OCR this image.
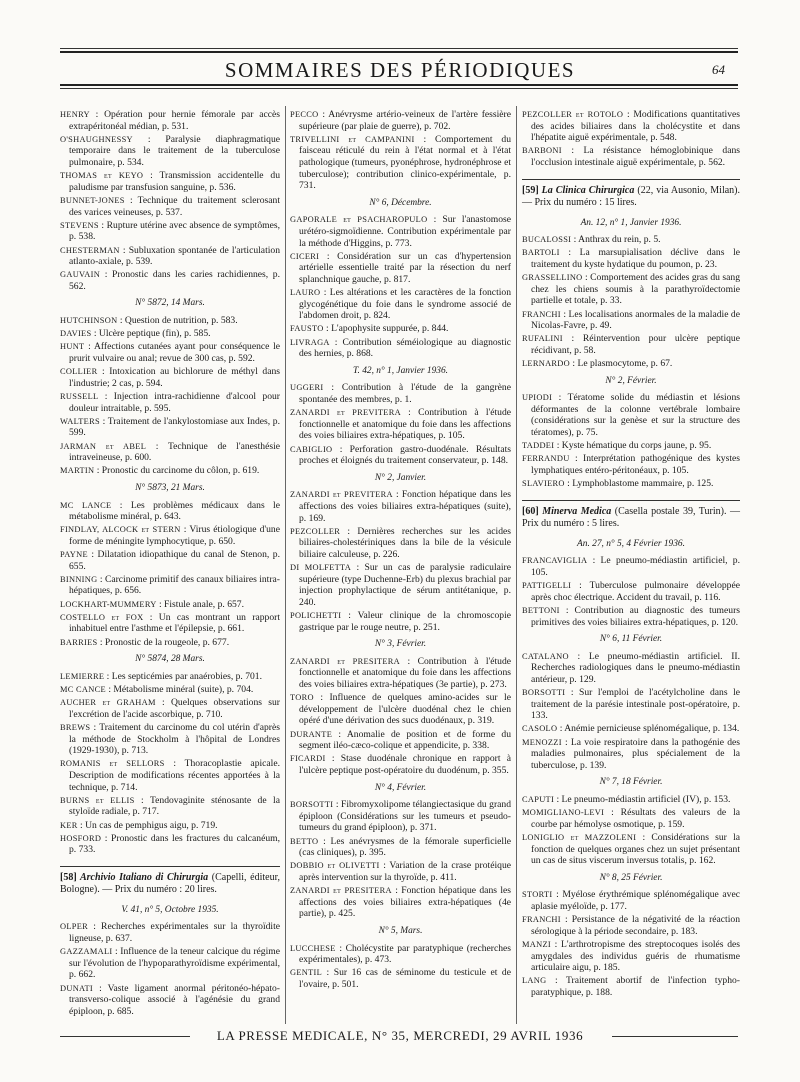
SOMMAIRES DES PÉRIODIQUES	64

HENRY : Opération pour hernie fémorale par accès extrapéritonéal médian, p. 531.

O'SHAUGHNESSY : Paralysie diaphragmatique temporaire dans le traitement de la tuberculose pulmonaire, p. 534.

THOMAS et KEYO : Transmission accidentelle du paludisme par transfusion sanguine, p. 536.

BUNNET-JONES : Technique du traitement sclerosant des varices veineuses, p. 537.

STEVENS : Rupture utérine avec absence de symptômes, p. 538.

CHESTERMAN : Subluxation spontanée de l'articulation atlanto-axiale, p. 539.

GAUVAIN : Pronostic dans les caries rachidiennes, p. 562.

N° 5872, 14 Mars.

HUTCHINSON : Question de nutrition, p. 583.

DAVIES : Ulcère peptique (fin), p. 585.

HUNT : Affections cutanées ayant pour conséquence le prurit vulvaire ou anal; revue de 300 cas, p. 592.

COLLIER : Intoxication au bichlorure de méthyl dans l'industrie; 2 cas, p. 594.

RUSSELL : Injection intra-rachidienne d'alcool pour douleur intraitable, p. 595.

WALTERS : Traitement de l'ankylostomiase aux Indes, p. 599.

JARMAN et ABEL : Technique de l'anesthésie intraveineuse, p. 600.

MARTIN : Pronostic du carcinome du côlon, p. 619.

N° 5873, 21 Mars.

MC LANCE : Les problèmes médicaux dans le métabolisme minéral, p. 643.

FINDLAY, ALCOCK et STERN : Virus étiologique d'une forme de méningite lymphocytique, p. 650.

PAYNE : Dilatation idiopathique du canal de Stenon, p. 655.

BINNING : Carcinome primitif des canaux biliaires intra-hépatiques, p. 656.

LOCKHART-MUMMERY : Fistule anale, p. 657.

COSTELLO et FOX : Un cas montrant un rapport inhabituel entre l'asthme et l'épilepsie, p. 661.

BARRIES : Pronostic de la rougeole, p. 677.

N° 5874, 28 Mars.

LEMIERRE : Les septicémies par anaérobies, p. 701.

MC CANCE : Métabolisme minéral (suite), p. 704.

AUCHER et GRAHAM : Quelques observations sur l'excrétion de l'acide ascorbique, p. 710.

BREWS : Traitement du carcinome du col utérin d'après la méthode de Stockholm à l'hôpital de Londres (1929-1930), p. 713.

ROMANIS et SELLORS : Thoracoplastie apicale. Description de modifications récentes apportées à la technique, p. 714.

BURNS et ELLIS : Tendovaginite sténosante de la styloïde radiale, p. 717.

KER : Un cas de pemphigus aigu, p. 719.

HOSFORD : Pronostic dans les fractures du calcanéum, p. 733.

[58] Archivio Italiano di Chirurgia (Capelli, éditeur, Bologne). — Prix du numéro : 20 lires.
V. 41, n° 5, Octobre 1935.

OLPER : Recherches expérimentales sur la thyroïdite ligneuse, p. 637.

GAZZAMALI : Influence de la teneur calcique du régime sur l'évolution de l'hypoparathyroïdisme expérimental, p. 662.

DUNATI : Vaste ligament anormal péritonéo-hépato-transverso-colique associé à l'agénésie du grand épiploon, p. 685.

PECCO : Anévrysme artério-veineux de l'artère fessière supérieure (par plaie de guerre), p. 702.

TRIVELLINI et CAMPANINI : Comportement du faisceau réticulé du rein à l'état normal et à l'état pathologique (tumeurs, pyonéphrose, hydronéphrose et tuberculose); contribution clinico-expérimentale, p. 731.

N° 6, Décembre.

GAPORALE et PSACHAROPULO : Sur l'anastomose urétéro-sigmoïdienne. Contribution expérimentale par la méthode d'Higgins, p. 773.

CICERI : Considération sur un cas d'hypertension artérielle essentielle traité par la résection du nerf splanchnique gauche, p. 817.

LAURO : Les altérations et les caractères de la fonction glycogénétique du foie dans le syndrome associé de l'abdomen droit, p. 824.

FAUSTO : L'apophysite suppurée, p. 844.

LIVRAGA : Contribution séméiologique au diagnostic des hernies, p. 868.

T. 42, n° 1, Janvier 1936.

UGGERI : Contribution à l'étude de la gangrène spontanée des membres, p. 1.

ZANARDI et PREVITERA : Contribution à l'étude fonctionnelle et anatomique du foie dans les affections des voies biliaires extra-hépatiques, p. 105.

CABIGLIO : Perforation gastro-duodénale. Résultats proches et éloignés du traitement conservateur, p. 148.

N° 2, Janvier.

ZANARDI et PREVITERA : Fonction hépatique dans les affections des voies biliaires extra-hépatiques (suite), p. 169.

PEZCOLLER : Dernières recherches sur les acides biliaires-cholestériniques dans la bile de la vésicule biliaire calculeuse, p. 226.

DI MOLFETTA : Sur un cas de paralysie radiculaire supérieure (type Duchenne-Erb) du plexus brachial par injection prophylactique de sérum antitétanique, p. 240.

POLICHETTI : Valeur clinique de la chromoscopie gastrique par le rouge neutre, p. 251.

N° 3, Février.

ZANARDI et PRESITERA : Contribution à l'étude fonctionnelle et anatomique du foie dans les affections des voies biliaires extra-hépatiques (3e partie), p. 273.

TORO : Influence de quelques amino-acides sur le développement de l'ulcère duodénal chez le chien opéré d'une dérivation des sucs duodénaux, p. 319.

DURANTE : Anomalie de position et de forme du segment iléo-cæco-colique et appendicite, p. 338.

FICARDI : Stase duodénale chronique en rapport à l'ulcère peptique post-opératoire du duodénum, p. 355.

N° 4, Février.

BORSOTTI : Fibromyxolipome télangiectasique du grand épiploon (Considérations sur les tumeurs et pseudo-tumeurs du grand épiploon), p. 371.

BETTO : Les anévrysmes de la fémorale superficielle (cas cliniques), p. 395.

DOBBIO et OLIVETTI : Variation de la crase protéique après intervention sur la thyroïde, p. 411.

ZANARDI et PRESITERA : Fonction hépatique dans les affections des voies biliaires extra-hépatiques (4e partie), p. 425.

N° 5, Mars.

LUCCHESE : Cholécystite par paratyphique (recherches expérimentales), p. 473.

GENTIL : Sur 16 cas de séminome du testicule et de l'ovaire, p. 501.

PEZCOLLER et ROTOLO : Modifications quantitatives des acides biliaires dans la cholécystite et dans l'hépatite aiguë expérimentale, p. 548.

BARBONI : La résistance hémoglobinique dans l'occlusion intestinale aiguë expérimentale, p. 562.

[59] La Clinica Chirurgica (22, via Ausonio, Milan). — Prix du numéro : 15 lires.
An. 12, n° 1, Janvier 1936.

BUCALOSSI : Anthrax du rein, p. 5.

BARTOLI : La marsupialisation déclive dans le traitement du kyste hydatique du poumon, p. 23.

GRASSELLINO : Comportement des acides gras du sang chez les chiens soumis à la parathyroïdectomie partielle et totale, p. 33.

FRANCHI : Les localisations anormales de la maladie de Nicolas-Favre, p. 49.

RUFALINI : Réintervention pour ulcère peptique récidivant, p. 58.

LERNARDO : Le plasmocytome, p. 67.

N° 2, Février.

UPIODI : Tératome solide du médiastin et lésions déformantes de la colonne vertébrale lombaire (considérations sur la genèse et sur la structure des tératomes), p. 75.

TADDEI : Kyste hématique du corps jaune, p. 95.

FERRANDU : Interprétation pathogénique des kystes lymphatiques entéro-péritonéaux, p. 105.

SLAVIERO : Lymphoblastome mammaire, p. 125.

[60] Minerva Medica (Casella postale 39, Turin). — Prix du numéro : 5 lires.
An. 27, n° 5, 4 Février 1936.

FRANCAVIGLIA : Le pneumo-médiastin artificiel, p. 105.

PATTIGELLI : Tuberculose pulmonaire développée après choc électrique. Accident du travail, p. 116.

BETTONI : Contribution au diagnostic des tumeurs primitives des voies biliaires extra-hépatiques, p. 120.

N° 6, 11 Février.

CATALANO : Le pneumo-médiastin artificiel. II. Recherches radiologiques dans le pneumo-médiastin antérieur, p. 129.

BORSOTTI : Sur l'emploi de l'acétylcholine dans le traitement de la parésie intestinale post-opératoire, p. 133.

CASOLO : Anémie pernicieuse splénomégalique, p. 134.

MENOZZI : La voie respiratoire dans la pathogénie des maladies pulmonaires, plus spécialement de la tuberculose, p. 139.

N° 7, 18 Février.

CAPUTI : Le pneumo-médiastin artificiel (IV), p. 153.

MOMIGLIANO-LEVI : Résultats des valeurs de la courbe par hémolyse osmotique, p. 159.

LONIGLIO et MAZZOLENI : Considérations sur la fonction de quelques organes chez un sujet présentant un cas de situs viscerum inversus totalis, p. 162.

N° 8, 25 Février.

STORTI : Myélose érythrémique splénomégalique avec aplasie myéloïde, p. 177.

FRANCHI : Persistance de la négativité de la réaction sérologique à la période secondaire, p. 183.

MANZI : L'arthrotropisme des streptocoques isolés des amygdales des individus guéris de rhumatisme articulaire aigu, p. 185.

LANG : Traitement abortif de l'infection typho-paratyphique, p. 188.

LA PRESSE MEDICALE, N° 35, MERCREDI, 29 AVRIL 1936
